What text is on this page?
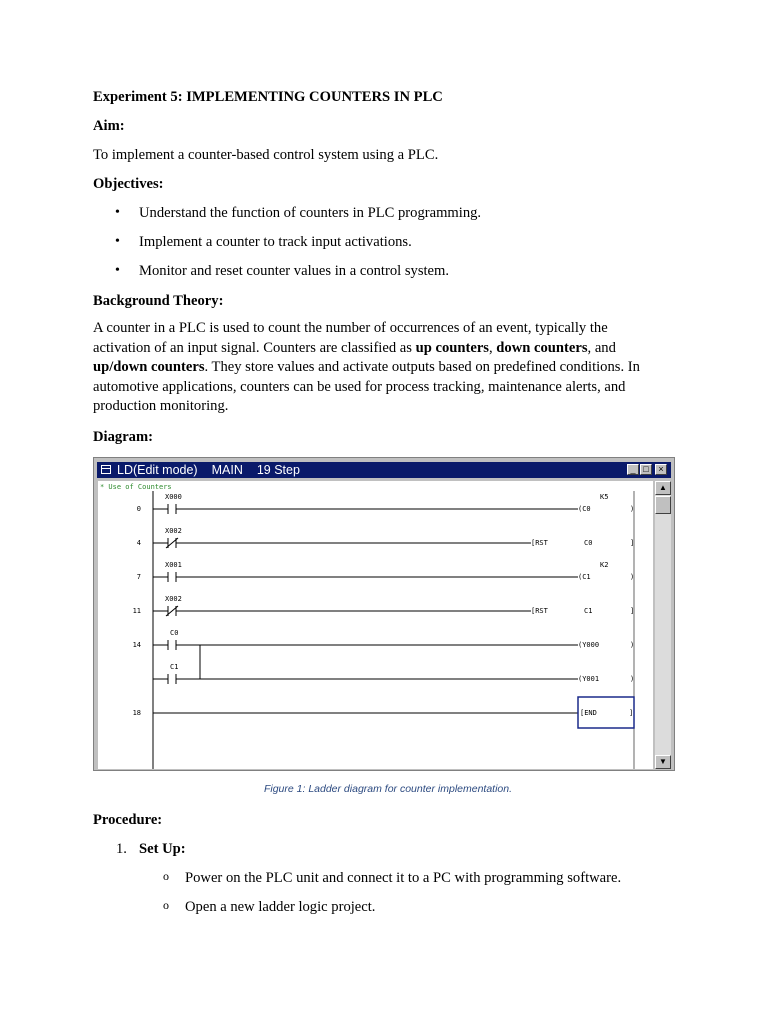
Experiment 5: IMPLEMENTING COUNTERS IN PLC
Aim:
To implement a counter-based control system using a PLC.
Objectives:
• Understand the function of counters in PLC programming.
• Implement a counter to track input activations.
• Monitor and reset counter values in a control system.
Background Theory:

A counter in a PLC is used to count the number of occurrences of an event, typically the

activation of an input signal. Counters are classified as up counters, down counters, and

up/down counters. They store values and activate outputs based on predefined conditions. In

automotive applications, counters can be used for process tracking, maintenance alerts, and

production monitoring.

Diagram:
Figure 1: Ladder diagram for counter implementation.
Procedure:
1. Set Up:
o Power on the PLC unit and connect it to a PC with programming software.
o Open a new ladder logic project.
LD(Edit mode) MAIN 19 Step	_ □	×
* Use of Counters
0
X000
(C0
K5
)
4
X002
[RST	C0	]
7
X001
(C1
K2
)
11
X002
[RST	C1	]
14
C0
(Y000	)
C1
(Y001	)
18	[END	]
▲
▼
